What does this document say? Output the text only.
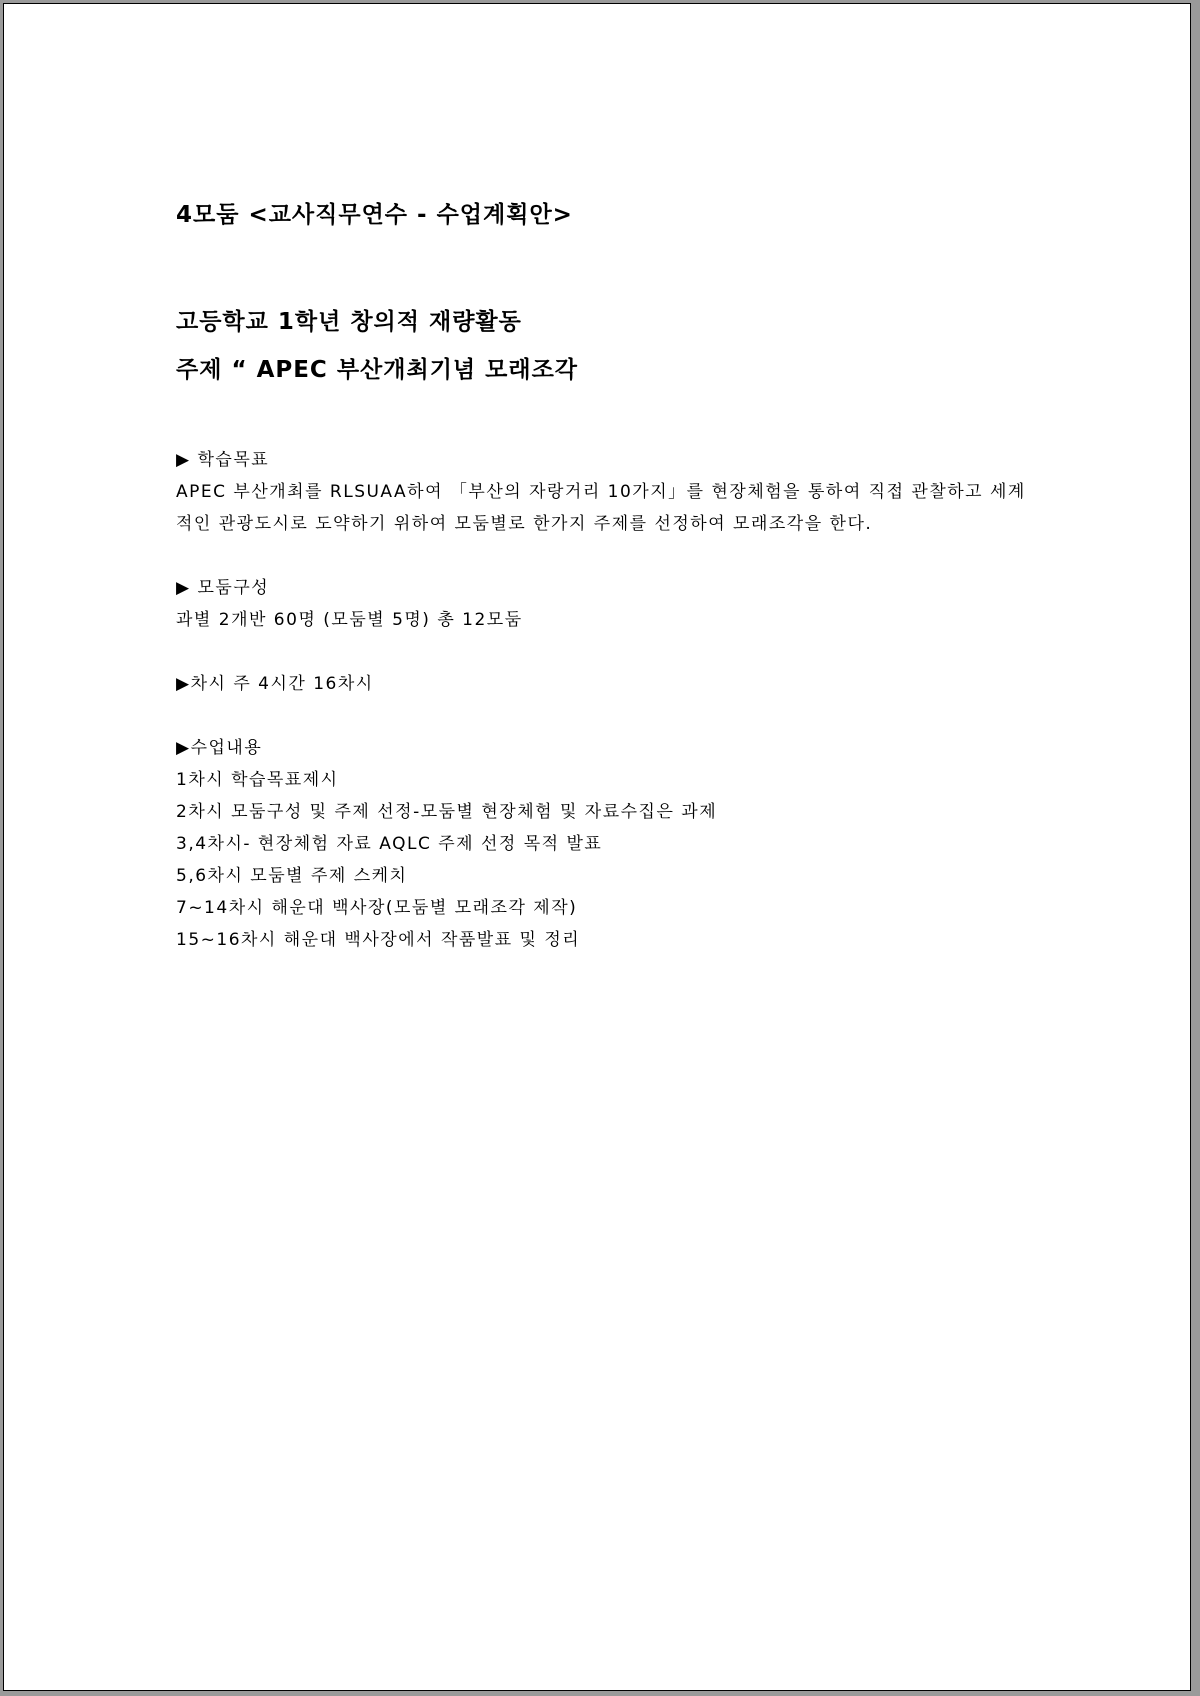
4모둠 <교사직무연수 - 수업계획안>
고등학교 1학년 창의적 재량활동
주제 “ APEC 부산개최기념 모래조각
▶ 학습목표
APEC 부산개최를 RLSUAA하여 「부산의 자랑거리 10가지」를 현장체험을 통하여 직접 관찰하고 세계적인 관광도시로 도약하기 위하여 모둠별로 한가지 주제를 선정하여 모래조각을 한다.
▶ 모둠구성
과별 2개반 60명 (모둠별 5명) 총 12모둠
▶차시 주 4시간 16차시
▶수업내용
1차시 학습목표제시
2차시 모둠구성 및 주제 선정-모둠별 현장체험 및 자료수집은 과제
3,4차시- 현장체험 자료 AQLC 주제 선정 목적 발표
5,6차시 모둠별 주제 스케치
7~14차시 해운대 백사장(모둠별 모래조각 제작)
15~16차시 해운대 백사장에서 작품발표 및 정리
